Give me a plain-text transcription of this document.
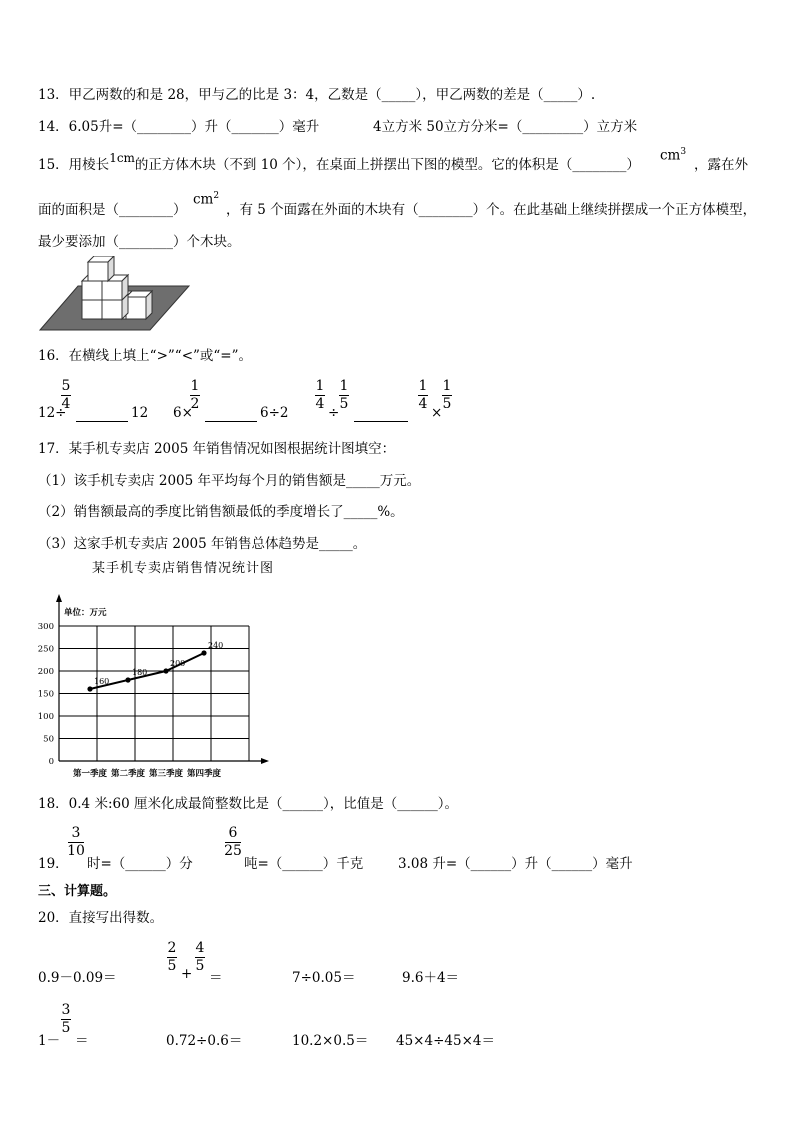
13．甲乙两数的和是 28，甲与乙的比是 3：4，乙数是（_____），甲乙两数的差是（_____）.
14．6.05升=（________）升（_______）毫升	4立方米 50立方分米=（_________）立方米
15．用棱长1cm的正方体木块（不到 10 个），在桌面上拼摆出下图的模型。它的体积是（________）
$cm^3$
，露在外
面的面积是（________）
$cm^2$
，有 5 个面露在外面的木块有（________）个。在此基础上继续拼摆成一个正方体模型，
最少要添加（________）个木块。
16．在横线上填上“>”“<”或“=”。
12÷
5
4

12 6×
1
2

6÷2
1
4
÷
1
5

1
4
×
1
5
17．某手机专卖店 2005 年销售情况如图根据统计图填空：
（1）该手机专卖店 2005 年平均每个月的销售额是_____万元。
（2）销售额最高的季度比销售额最低的季度增长了_____%。
（3）这家手机专卖店 2005 年销售总体趋势是_____。
某手机专卖店销售情况统计图
0
50
100
150
200
250
300
单位：万元
160
180
200
240
第一季度 第二季度 第三季度 第四季度
18．0.4 米:60 厘米化成最简整数比是（______），比值是（______）。
19．
3
10
时=（______）分
6
25
吨=（______）千克	3.08 升=（______）升（______）毫升
三、计算题。
20．直接写出得数。
0.9－0.09＝
2
5 +
4
5
＝	7÷0.05＝	9.6＋4＝
1－
3
5
＝	0.72÷0.6＝	10.2×0.5＝ 45×4÷45×4＝
